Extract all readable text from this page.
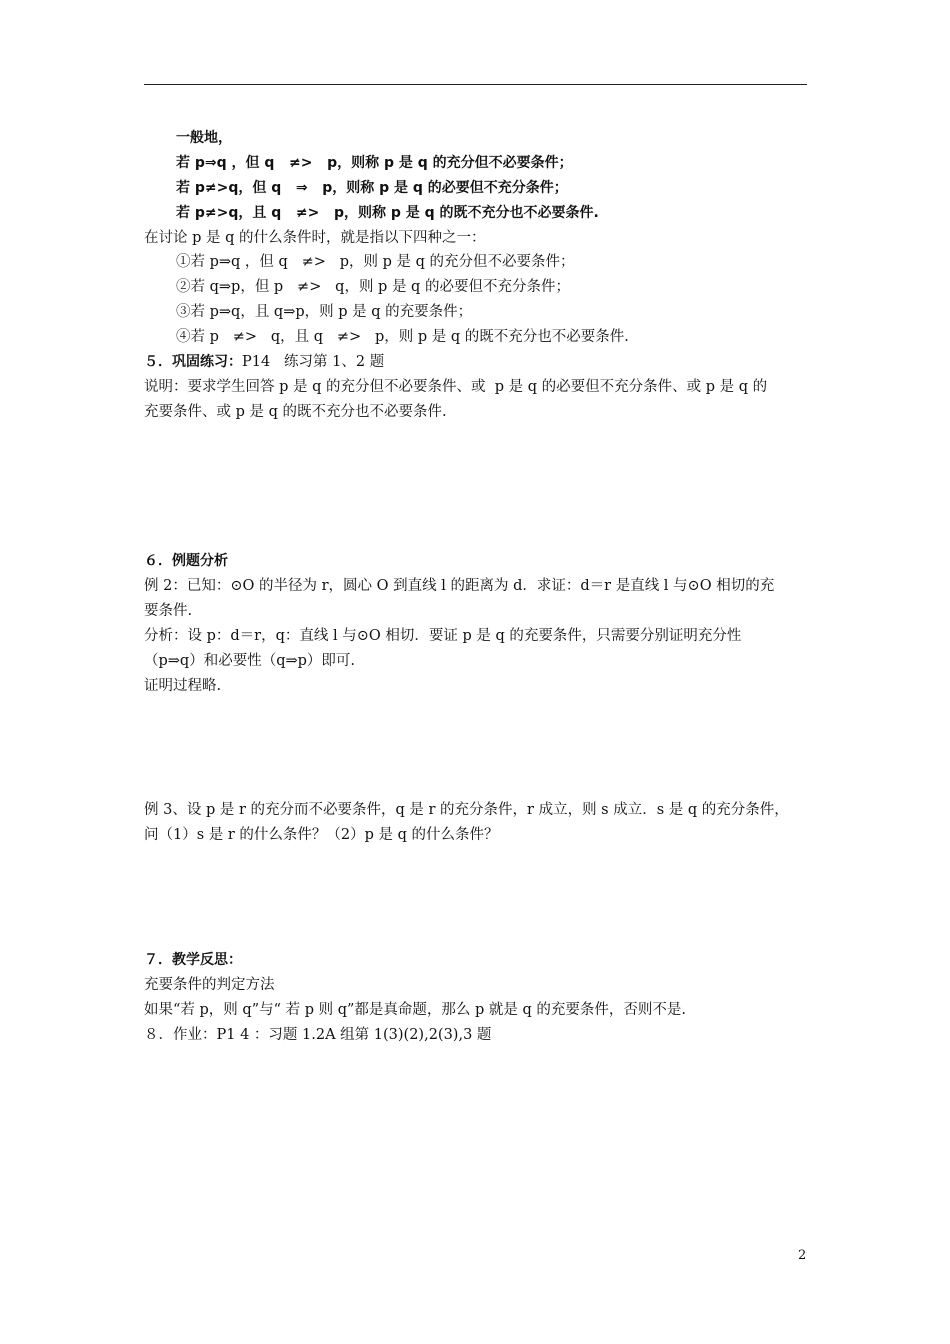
一般地，
若 p⇒q ，但 q   ≠>   p，则称 p 是 q 的充分但不必要条件；
若 p≠>q，但 q   ⇒   p，则称 p 是 q 的必要但不充分条件；
若 p≠>q，且 q   ≠>   p，则称 p 是 q 的既不充分也不必要条件.
在讨论 p 是 q 的什么条件时，就是指以下四种之一：
①若 p⇒q ，但 q   ≠>   p，则 p 是 q 的充分但不必要条件；
②若 q⇒p，但 p   ≠>   q，则 p 是 q 的必要但不充分条件；
③若 p⇒q，且 q⇒p，则 p 是 q 的充要条件；
④若 p   ≠>   q，且 q   ≠>   p，则 p 是 q 的既不充分也不必要条件.
５．巩固练习：P14   练习第 1、2 题
说明：要求学生回答 p 是 q 的充分但不必要条件、或  p 是 q 的必要但不充分条件、或 p 是 q 的
充要条件、或 p 是 q 的既不充分也不必要条件.
６．例题分析
例 2：已知：⊙O 的半径为 r，圆心 O 到直线 l 的距离为 d．求证：d＝r 是直线 l 与⊙O 相切的充
要条件.
分析：设 p：d＝r，q：直线 l 与⊙O 相切．要证 p 是 q 的充要条件，只需要分别证明充分性
（p⇒q）和必要性（q⇒p）即可.
证明过程略.
例 3、设 p 是 r 的充分而不必要条件，q 是 r 的充分条件，r 成立，则 s 成立．s 是 q 的充分条件，
问（1）s 是 r 的什么条件？（2）p 是 q 的什么条件？
７．教学反思：
充要条件的判定方法
如果“若 p，则 q”与“ 若 p 则 q”都是真命题，那么 p 就是 q 的充要条件，否则不是.
８．作业：P1 4 ：习题 1.2A 组第 1(3)(2),2(3),3 题
2
